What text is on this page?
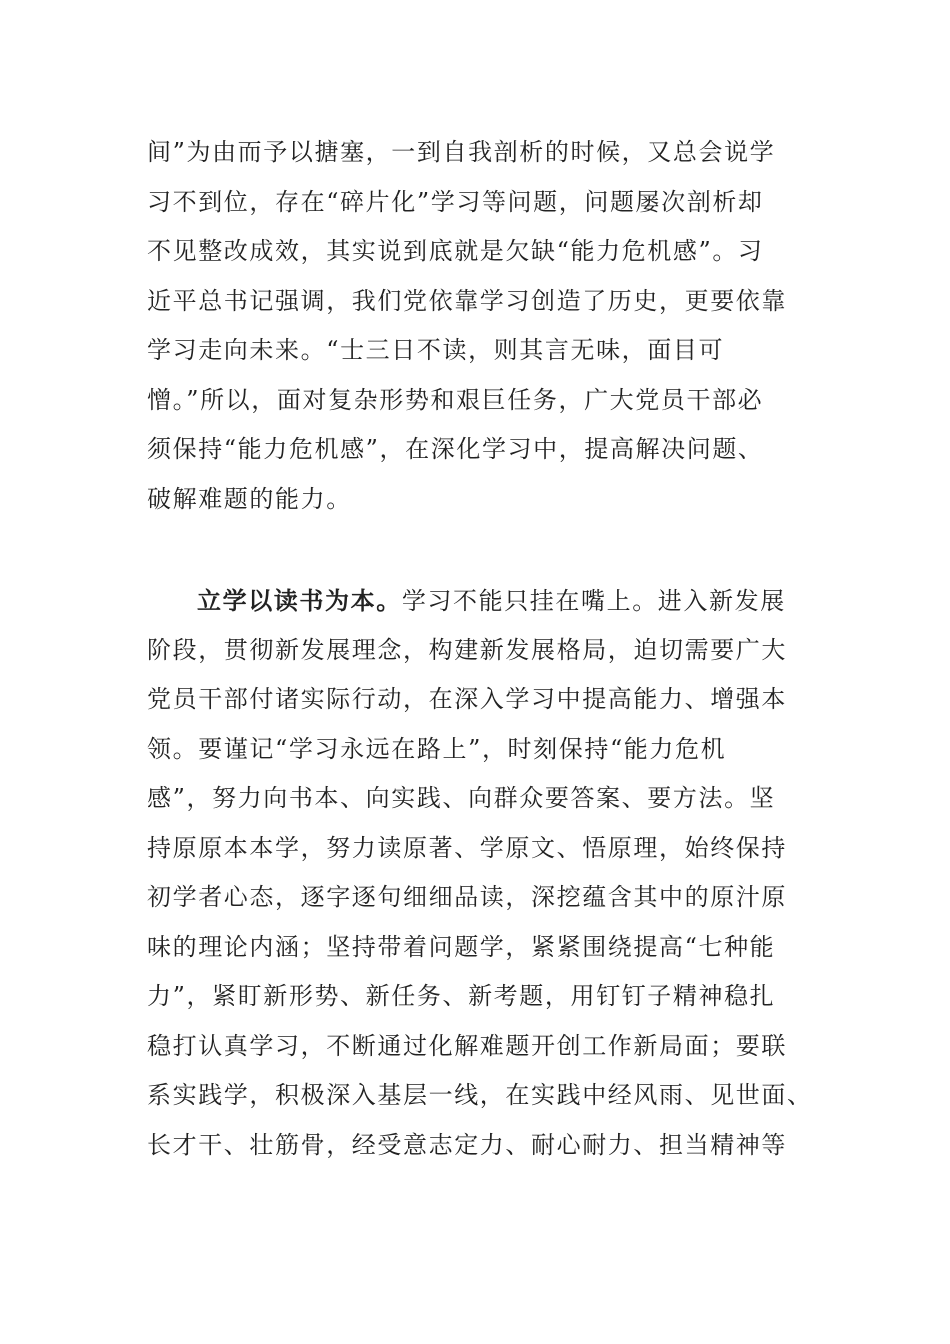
间”为由而予以搪塞，一到自我剖析的时候，又总会说学
习不到位，存在“碎片化”学习等问题，问题屡次剖析却
不见整改成效，其实说到底就是欠缺“能力危机感”。习
近平总书记强调，我们党依靠学习创造了历史，更要依靠
学习走向未来。“士三日不读，则其言无味，面目可
憎。”所以，面对复杂形势和艰巨任务，广大党员干部必
须保持“能力危机感”，在深化学习中，提高解决问题、
破解难题的能力。
立学以读书为本。学习不能只挂在嘴上。进入新发展
阶段，贯彻新发展理念，构建新发展格局，迫切需要广大
党员干部付诸实际行动，在深入学习中提高能力、增强本
领。要谨记“学习永远在路上”，时刻保持“能力危机
感”，努力向书本、向实践、向群众要答案、要方法。坚
持原原本本学，努力读原著、学原文、悟原理，始终保持
初学者心态，逐字逐句细细品读，深挖蕴含其中的原汁原
味的理论内涵；坚持带着问题学，紧紧围绕提高“七种能
力”，紧盯新形势、新任务、新考题，用钉钉子精神稳扎
稳打认真学习，不断通过化解难题开创工作新局面；要联
系实践学，积极深入基层一线，在实践中经风雨、见世面、
长才干、壮筋骨，经受意志定力、耐心耐力、担当精神等
